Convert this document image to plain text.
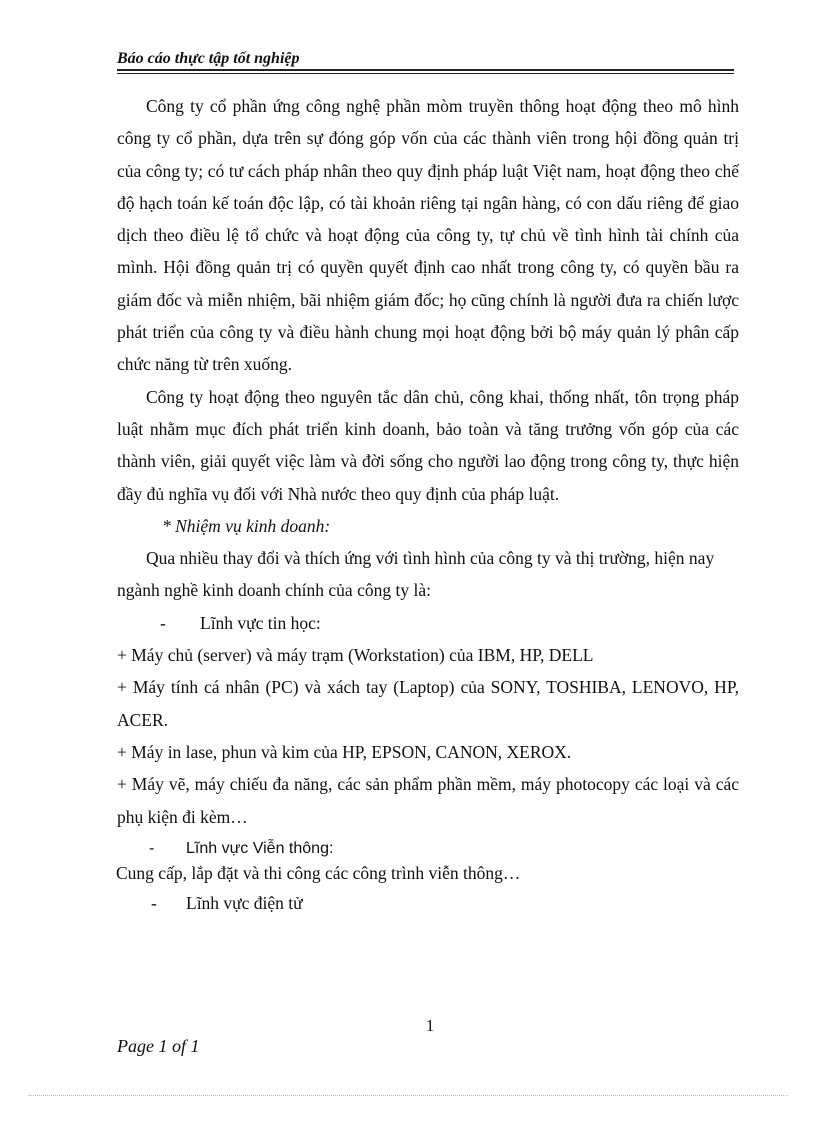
Báo cáo thực tập tốt nghiệp

Công ty cổ phần ứng công nghệ phần mòm truyền thông hoạt động theo mô hình công ty cổ phần, dựa trên sự đóng góp vốn của các thành viên trong hội đồng quản trị của công ty; có tư cách pháp nhân theo quy định pháp luật Việt nam, hoạt động theo chế độ hạch toán kế toán độc lập, có tài khoản riêng tại ngân hàng, có con dấu riêng để giao dịch theo điều lệ tổ chức và hoạt động của công ty, tự chủ về tình hình tài chính của mình. Hội đồng quản trị có quyền quyết định cao nhất trong công ty, có quyền bầu ra giám đốc và miễn nhiệm, bãi nhiệm giám đốc; họ cũng chính là người đưa ra chiến lược phát triển của công ty và điều hành chung mọi hoạt động bởi bộ máy quản lý phân cấp chức năng từ trên xuống.

Công ty hoạt động theo nguyên tắc dân chủ, công khai, thống nhất, tôn trọng pháp luật nhằm mục đích phát triển kinh doanh, bảo toàn và tăng trưởng vốn góp của các thành viên, giải quyết việc làm và đời sống cho người lao động trong công ty, thực hiện đầy đủ nghĩa vụ đối với Nhà nước theo quy định của pháp luật.

* Nhiệm vụ kinh doanh:

Qua nhiều thay đổi và thích ứng với tình hình của công ty và thị trường, hiện nay ngành nghề kinh doanh chính của công ty là:

- Lĩnh vực tin học:

+ Máy chủ (server) và máy trạm (Workstation) của IBM, HP, DELL

+ Máy tính cá nhân (PC) và xách tay (Laptop) của SONY, TOSHIBA, LENOVO, HP, ACER.

+ Máy in lase, phun và kim của HP, EPSON, CANON, XEROX.

+ Máy vẽ, máy chiếu đa năng, các sản phẩm phần mềm, máy photocopy các loại và các phụ kiện đi kèm…

- Lĩnh vực Viễn thông:

Cung cấp, lắp đặt và thi công các công trình viễn thông…

- Lĩnh vực điện tử

1

Page 1 of 1
